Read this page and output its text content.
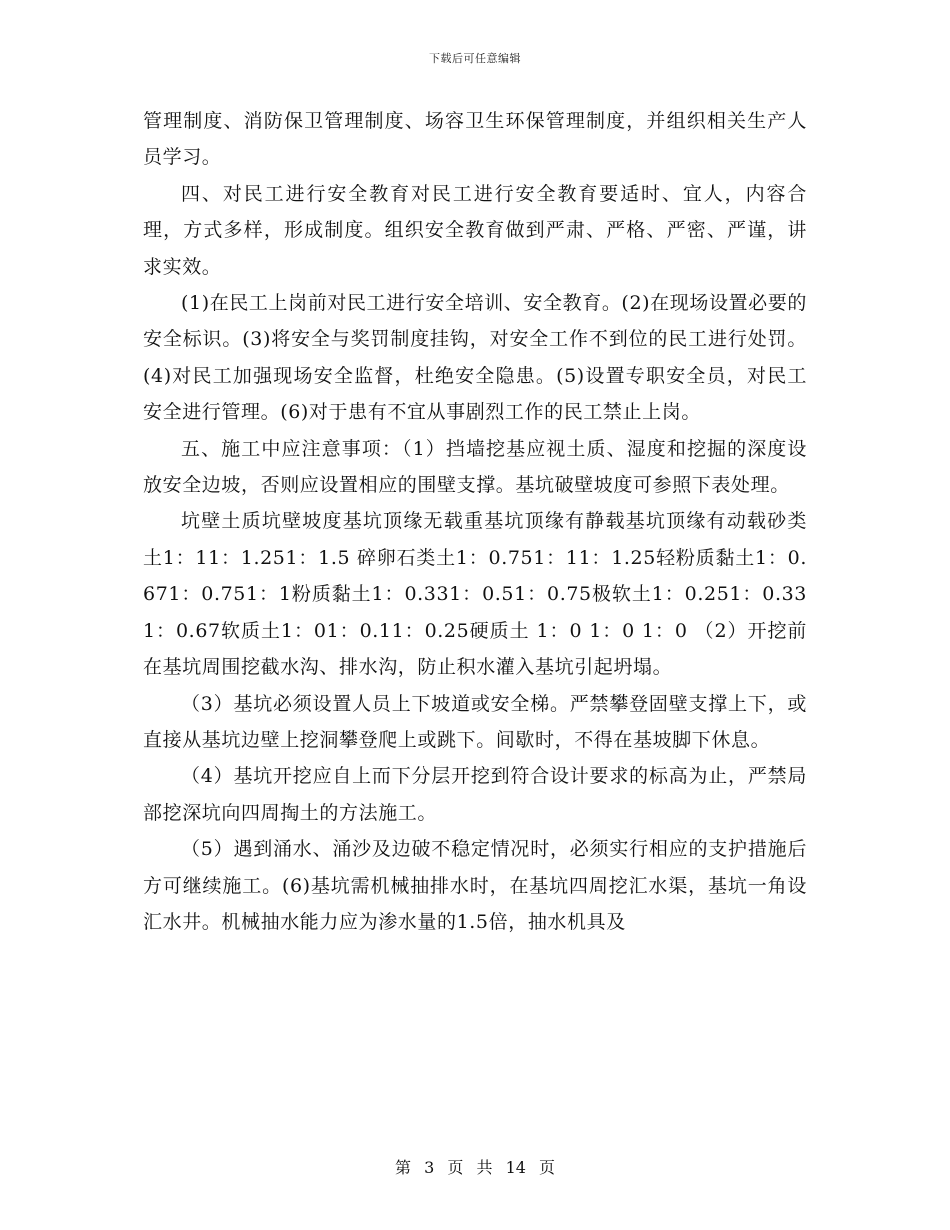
下载后可任意编辑

管理制度、消防保卫管理制度、场容卫生环保管理制度，并组织相关生产人员学习。

四、对民工进行安全教育对民工进行安全教育要适时、宜人，内容合理，方式多样，形成制度。组织安全教育做到严肃、严格、严密、严谨，讲求实效。

(1)在民工上岗前对民工进行安全培训、安全教育。(2)在现场设置必要的安全标识。(3)将安全与奖罚制度挂钩，对安全工作不到位的民工进行处罚。(4)对民工加强现场安全监督，杜绝安全隐患。(5)设置专职安全员，对民工安全进行管理。(6)对于患有不宜从事剧烈工作的民工禁止上岗。

五、施工中应注意事项：（1）挡墙挖基应视土质、湿度和挖掘的深度设放安全边坡，否则应设置相应的围壁支撑。基坑破壁坡度可参照下表处理。

坑壁土质坑壁坡度基坑顶缘无载重基坑顶缘有静载基坑顶缘有动载砂类土1：11：1.251：1.5 碎卵石类土1：0.751：11：1.25轻粉质黏土1：0.671：0.751：1粉质黏土1：0.331：0.51：0.75极软土1：0.251：0.331：0.67软质土1：01：0.11：0.25硬质土 1：0 1：0 1：0 （2）开挖前在基坑周围挖截水沟、排水沟，防止积水灌入基坑引起坍塌。

（3）基坑必须设置人员上下坡道或安全梯。严禁攀登固壁支撑上下，或直接从基坑边壁上挖洞攀登爬上或跳下。间歇时，不得在基坡脚下休息。

（4）基坑开挖应自上而下分层开挖到符合设计要求的标高为止，严禁局部挖深坑向四周掏土的方法施工。

（5）遇到涌水、涌沙及边破不稳定情况时，必须实行相应的支护措施后方可继续施工。(6)基坑需机械抽排水时，在基坑四周挖汇水渠，基坑一角设汇水井。机械抽水能力应为渗水量的1.5倍，抽水机具及

第 3 页 共 14 页
